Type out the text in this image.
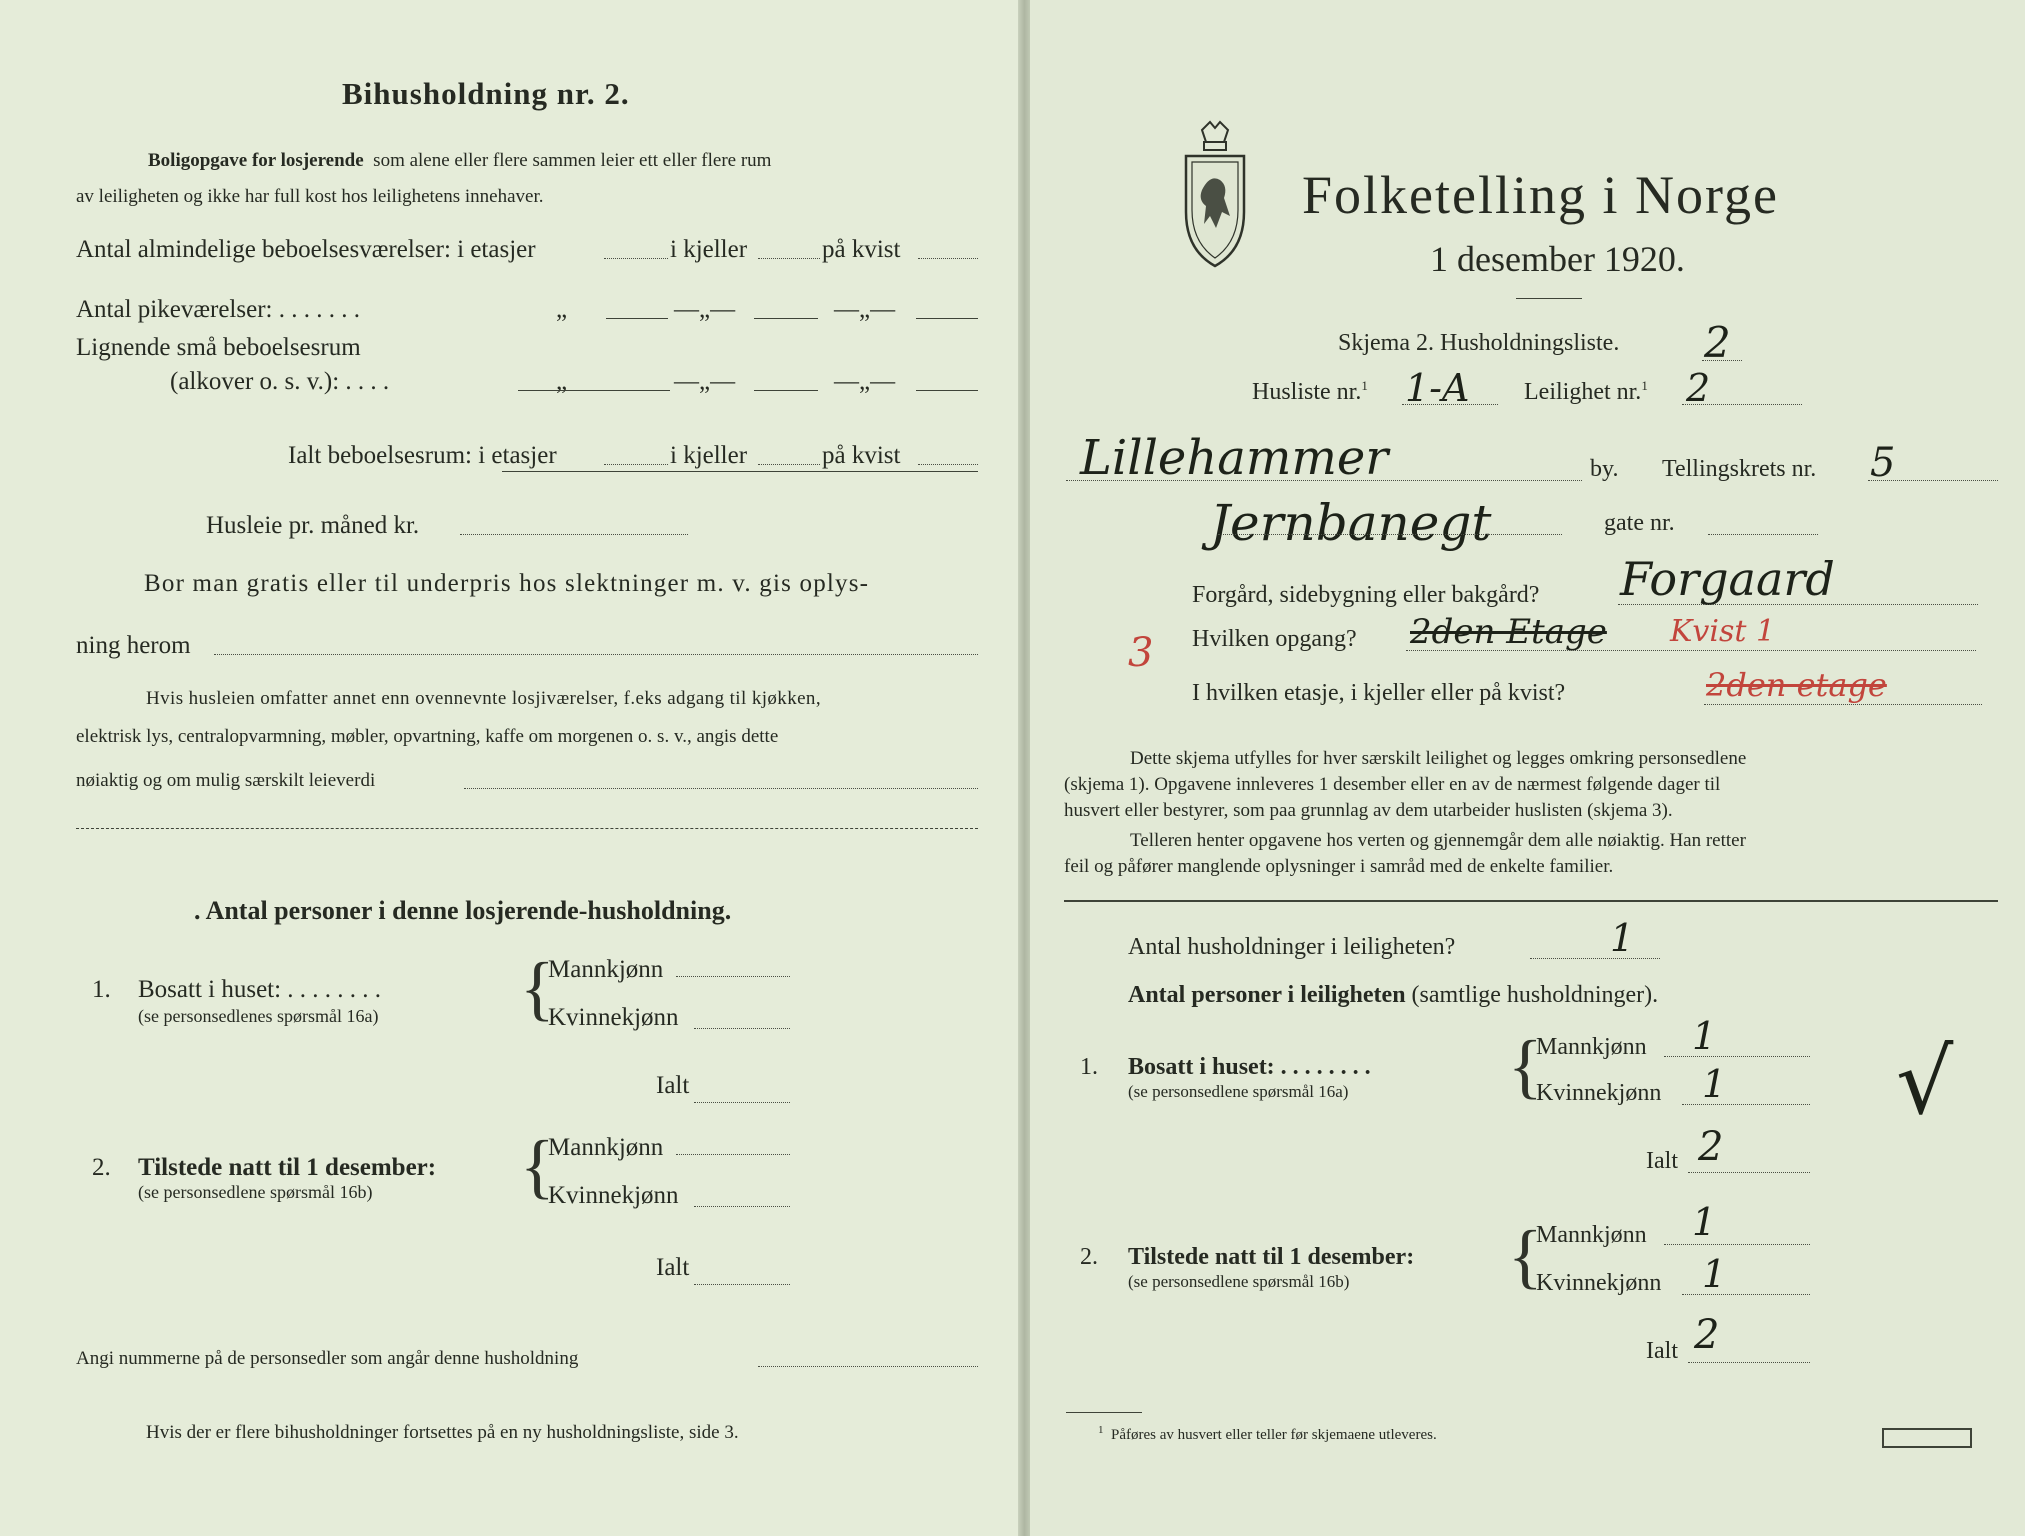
Bihusholdning nr. 2.
Boligopgave for losjerende som alene eller flere sammen leier ett eller flere rum
av leiligheten og ikke har full kost hos leilighetens innehaver.
Antal almindelige beboelsesværelser: i etasjer	i kjeller	på kvist
Antal pikeværelser: . . . . . . .	„	—„—	—„—
Lignende små beboelsesrum
(alkover o. s. v.): . . . .	„	—„—	—„—
Ialt beboelsesrum: i etasjer	i kjeller	på kvist
Husleie pr. måned kr.
Bor man gratis eller til underpris hos slektninger m. v. gis oplys-
ning herom
Hvis husleien omfatter annet enn ovennevnte losjiværelser, f.eks adgang til kjøkken,
elektrisk lys, centralopvarmning, møbler, opvartning, kaffe om morgenen o. s. v., angis dette
nøiaktig og om mulig særskilt leieverdi
. Antal personer i denne losjerende-husholdning.
1. Bosatt i huset: . . . . . . . .
(se personsedlenes spørsmål 16a) {
Mannkjønn
Kvinnekjønn
Ialt
2. Tilstede natt til 1 desember:
(se personsedlene spørsmål 16b) {
Mannkjønn
Kvinnekjønn
Ialt
Angi nummerne på de personsedler som angår denne husholdning
Hvis der er flere bihusholdninger fortsettes på en ny husholdningsliste, side 3.
Folketelling i Norge
1 desember 1920.
Skjema 2. Husholdningsliste. 2
Husliste nr.$^1$ 1-A Leilighet nr.$^1$ 2
Lillehammer	by. Tellingskrets nr. 5
Jernbanegt	gate nr.
Forgård, sidebygning eller bakgård? Forgaard
3 Hvilken opgang? 2den Etage Kvist 1
I hvilken etasje, i kjeller eller på kvist?	2den etage
Dette skjema utfylles for hver særskilt leilighet og legges omkring personsedlene
(skjema 1). Opgavene innleveres 1 desember eller en av de nærmest følgende dager til
husvert eller bestyrer, som paa grunnlag av dem utarbeider huslisten (skjema 3).
Telleren henter opgavene hos verten og gjennemgår dem alle nøiaktig. Han retter
feil og påfører manglende oplysninger i samråd med de enkelte familier.
Antal husholdninger i leiligheten?	1
Antal personer i leiligheten (samtlige husholdninger).
1. Bosatt i huset: . . . . . . . .
(se personsedlene spørsmål 16a) {
Mannkjønn 1
Kvinnekjønn 1 √
Ialt 2
2. Tilstede natt til 1 desember:
(se personsedlene spørsmål 16b) {
Mannkjønn 1
Kvinnekjønn 1
Ialt 2
$^1$ Påføres av husvert eller teller før skjemaene utleveres.
